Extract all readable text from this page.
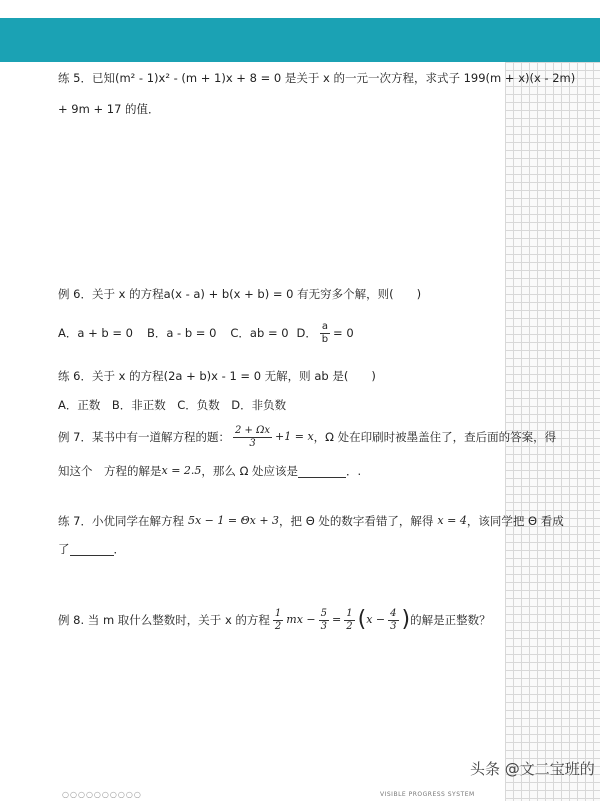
练 5．已知(m² - 1)x² - (m + 1)x + 8 = 0 是关于 x 的一元一次方程，求式子 199(m + x)(x - 2m)
+ 9m + 17 的值．
例 6．关于 x 的方程a(x - a) + b(x + b) = 0 有无穷多个解，则(　　)
A．a + b = 0 B．a - b = 0 C．ab = 0 D． $\frac{a}{b} = 0$
练 6．关于 x 的方程(2a + b)x - 1 = 0 无解，则 ab 是(　　)
A．正数　B．非正数　C．负数　D．非负数
例 7．某书中有一道解方程的题： $\frac{2 + \Omega x}{3} +1 = x$ ，Ω 处在印刷时被墨盖住了，查后面的答案，得
知这个　方程的解是 x = 2.5 ，那么 Ω 处应该是	．.
练 7．小优同学在解方程 5x − 1 = Θx + 3 ，把 Θ 处的数字看错了，解得 x = 4 ，该同学把 Θ 看成
了	．
例 8. 当 m 取什么整数时，关于 x 的方程 $\frac{1}{2}$ mx − $\frac{5}{3} = \frac{1}{2}$ ( $x - \frac{4}{3}$ ) 的解是正整数？
头条 @文二宝班的
○○○○○○○○○○	VISIBLE PROGRESS SYSTEM
